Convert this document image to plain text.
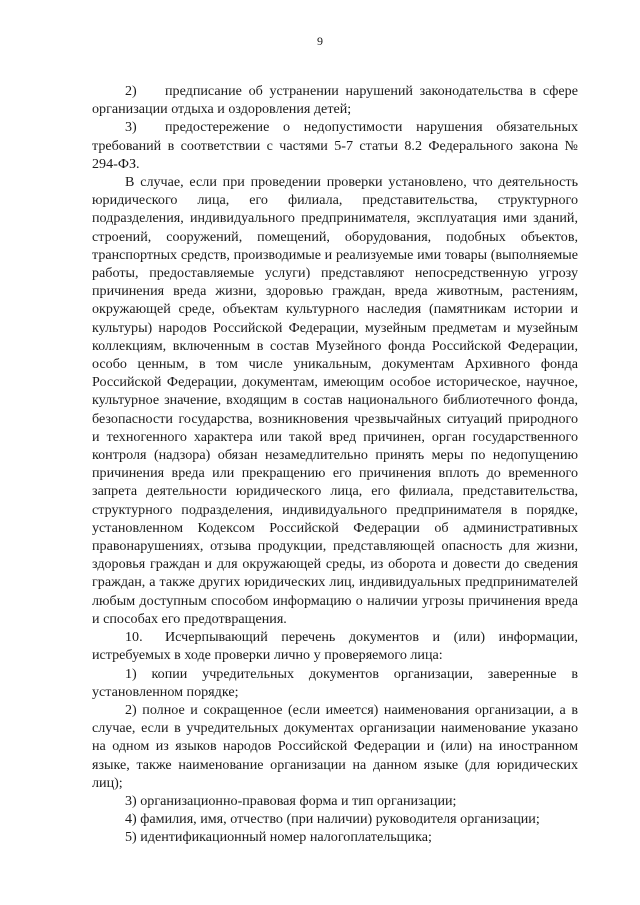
9

2) предписание об устранении нарушений законодательства в сфере организации отдыха и оздоровления детей;

3) предостережение о недопустимости нарушения обязательных требований в соответствии с частями 5-7 статьи 8.2 Федерального закона № 294-ФЗ.

В случае, если при проведении проверки установлено, что деятельность юридического лица, его филиала, представительства, структурного подразделения, индивидуального предпринимателя, эксплуатация ими зданий, строений, сооружений, помещений, оборудования, подобных объектов, транспортных средств, производимые и реализуемые ими товары (выполняемые работы, предоставляемые услуги) представляют непосредственную угрозу причинения вреда жизни, здоровью граждан, вреда животным, растениям, окружающей среде, объектам культурного наследия (памятникам истории и культуры) народов Российской Федерации, музейным предметам и музейным коллекциям, включенным в состав Музейного фонда Российской Федерации, особо ценным, в том числе уникальным, документам Архивного фонда Российской Федерации, документам, имеющим особое историческое, научное, культурное значение, входящим в состав национального библиотечного фонда, безопасности государства, возникновения чрезвычайных ситуаций природного и техногенного характера или такой вред причинен, орган государственного контроля (надзора) обязан незамедлительно принять меры по недопущению причинения вреда или прекращению его причинения вплоть до временного запрета деятельности юридического лица, его филиала, представительства, структурного подразделения, индивидуального предпринимателя в порядке, установленном Кодексом Российской Федерации об административных правонарушениях, отзыва продукции, представляющей опасность для жизни, здоровья граждан и для окружающей среды, из оборота и довести до сведения граждан, а также других юридических лиц, индивидуальных предпринимателей любым доступным способом информацию о наличии угрозы причинения вреда и способах его предотвращения.

10. Исчерпывающий перечень документов и (или) информации, истребуемых в ходе проверки лично у проверяемого лица:

1) копии учредительных документов организации, заверенные в установленном порядке;

2) полное и сокращенное (если имеется) наименования организации, а в случае, если в учредительных документах организации наименование указано на одном из языков народов Российской Федерации и (или) на иностранном языке, также наименование организации на данном языке (для юридических лиц);

3) организационно-правовая форма и тип организации;

4) фамилия, имя, отчество (при наличии) руководителя организации;

5) идентификационный номер налогоплательщика;
